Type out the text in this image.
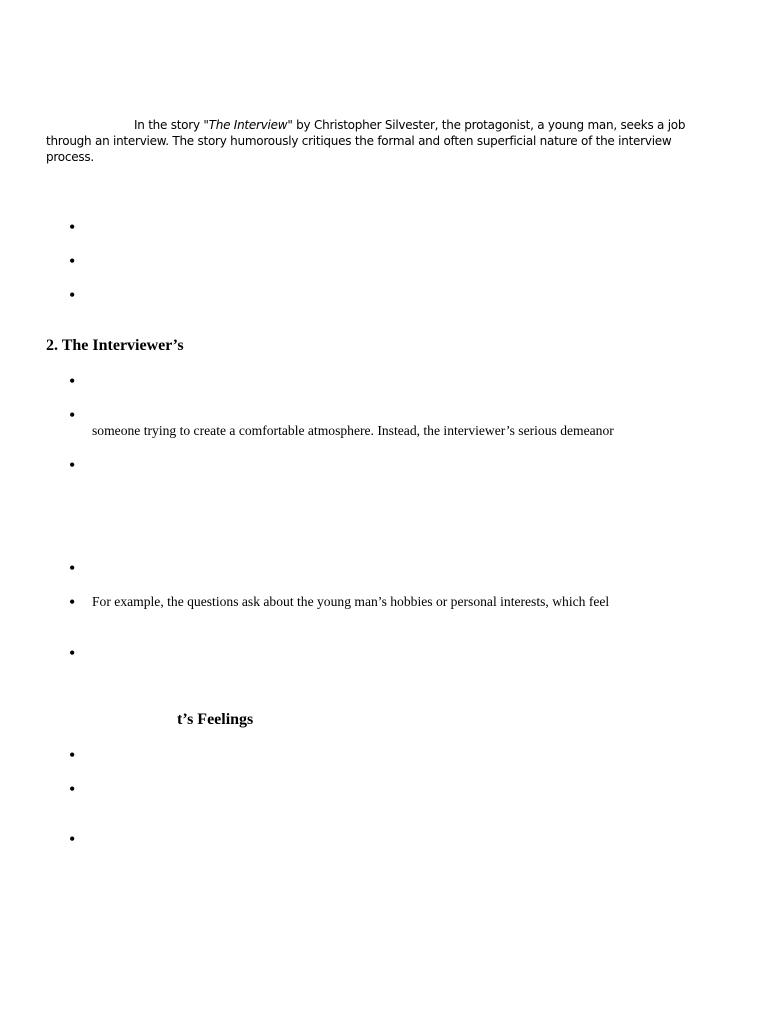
In the story "The Interview" by Christopher Silvester, the protagonist, a young man, seeks a job through an interview. The story humorously critiques the formal and often superficial nature of the interview process.

•
•
•
2. The Interviewer’s
•
•

someone trying to create a comfortable atmosphere. Instead, the interviewer’s serious demeanor

•
•
• For example, the questions ask about the young man’s hobbies or personal interests, which feel

•
t’s Feelings
•
•
•
